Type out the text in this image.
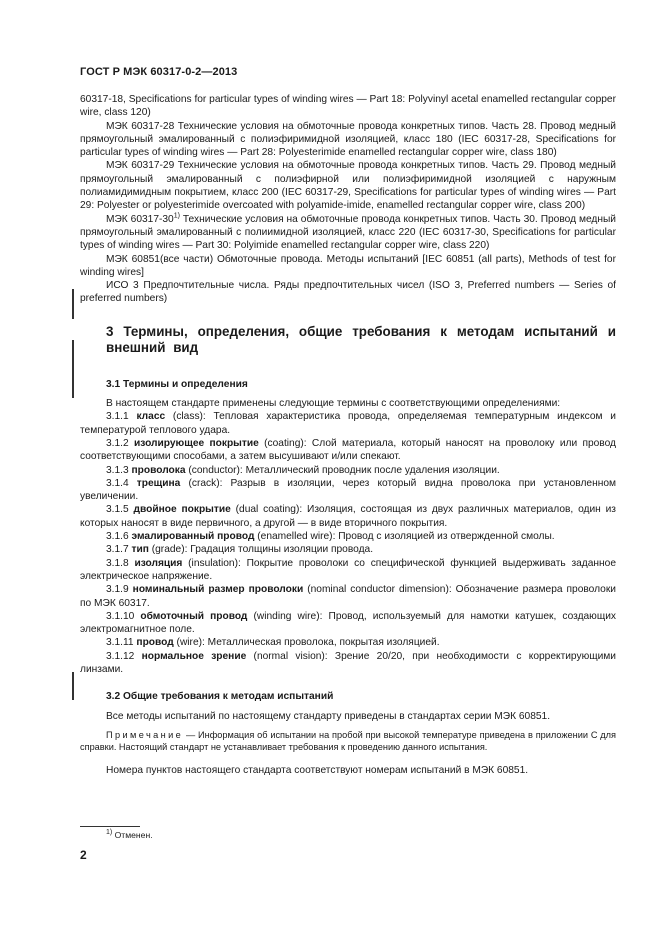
ГОСТ Р МЭК 60317-0-2—2013

60317-18, Specifications for particular types of winding wires — Part 18: Polyvinyl acetal enamelled rectangular copper wire, class 120)

МЭК 60317-28 Технические условия на обмоточные провода конкретных типов. Часть 28. Провод медный прямоугольный эмалированный с полиэфиримидной изоляцией, класс 180 (IEC 60317-28, Specifications for particular types of winding wires — Part 28: Polyesterimide enamelled rectangular copper wire, class 180)

МЭК 60317-29 Технические условия на обмоточные провода конкретных типов. Часть 29. Провод медный прямоугольный эмалированный с полиэфирной или полиэфиримидной изоляцией с наружным полиамидимидным покрытием, класс 200 (IEC 60317-29, Specifications for particular types of winding wires — Part 29: Polyester or polyesterimide overcoated with polyamide-imide, enamelled rectangular copper wire, class 200)

МЭК 60317-30$^{1)}$ Технические условия на обмоточные провода конкретных типов. Часть 30. Провод медный прямоугольный эмалированный с полиимидной изоляцией, класс 220 (IEC 60317-30, Specifications for particular types of winding wires — Part 30: Polyimide enamelled rectangular copper wire, class 220)

МЭК 60851(все части) Обмоточные провода. Методы испытаний [IEC 60851 (all parts), Methods of test for winding wires]

ИСО 3 Предпочтительные числа. Ряды предпочтительных чисел (ISO 3, Preferred numbers — Series of preferred numbers)

3 Термины, определения, общие требования к методам испытаний и внешний вид
3.1 Термины и определения

В настоящем стандарте применены следующие термины с соответствующими определениями:

3.1.1 класс (class): Тепловая характеристика провода, определяемая температурным индексом и температурой теплового удара.

3.1.2 изолирующее покрытие (coating): Слой материала, который наносят на проволоку или провод соответствующими способами, а затем высушивают и/или спекают.

3.1.3 проволока (conductor): Металлический проводник после удаления изоляции.

3.1.4 трещина (crack): Разрыв в изоляции, через который видна проволока при установленном увеличении.

3.1.5 двойное покрытие (dual coating): Изоляция, состоящая из двух различных материалов, один из которых наносят в виде первичного, а другой — в виде вторичного покрытия.

3.1.6 эмалированный провод (enamelled wire): Провод с изоляцией из отвержденной смолы.

3.1.7 тип (grade): Градация толщины изоляции провода.

3.1.8 изоляция (insulation): Покрытие проволоки со специфической функцией выдерживать заданное электрическое напряжение.

3.1.9 номинальный размер проволоки (nominal conductor dimension): Обозначение размера проволоки по МЭК 60317.

3.1.10 обмоточный провод (winding wire): Провод, используемый для намотки катушек, создающих электромагнитное поле.

3.1.11 провод (wire): Металлическая проволока, покрытая изоляцией.

3.1.12 нормальное зрение (normal vision): Зрение 20/20, при необходимости с корректирующими линзами.

3.2 Общие требования к методам испытаний

Все методы испытаний по настоящему стандарту приведены в стандартах серии МЭК 60851.

Примечание — Информация об испытании на пробой при высокой температуре приведена в приложении С для справки. Настоящий стандарт не устанавливает требования к проведению данного испытания.

Номера пунктов настоящего стандарта соответствуют номерам испытаний в МЭК 60851.

$^{1)}$ Отменен.
2
